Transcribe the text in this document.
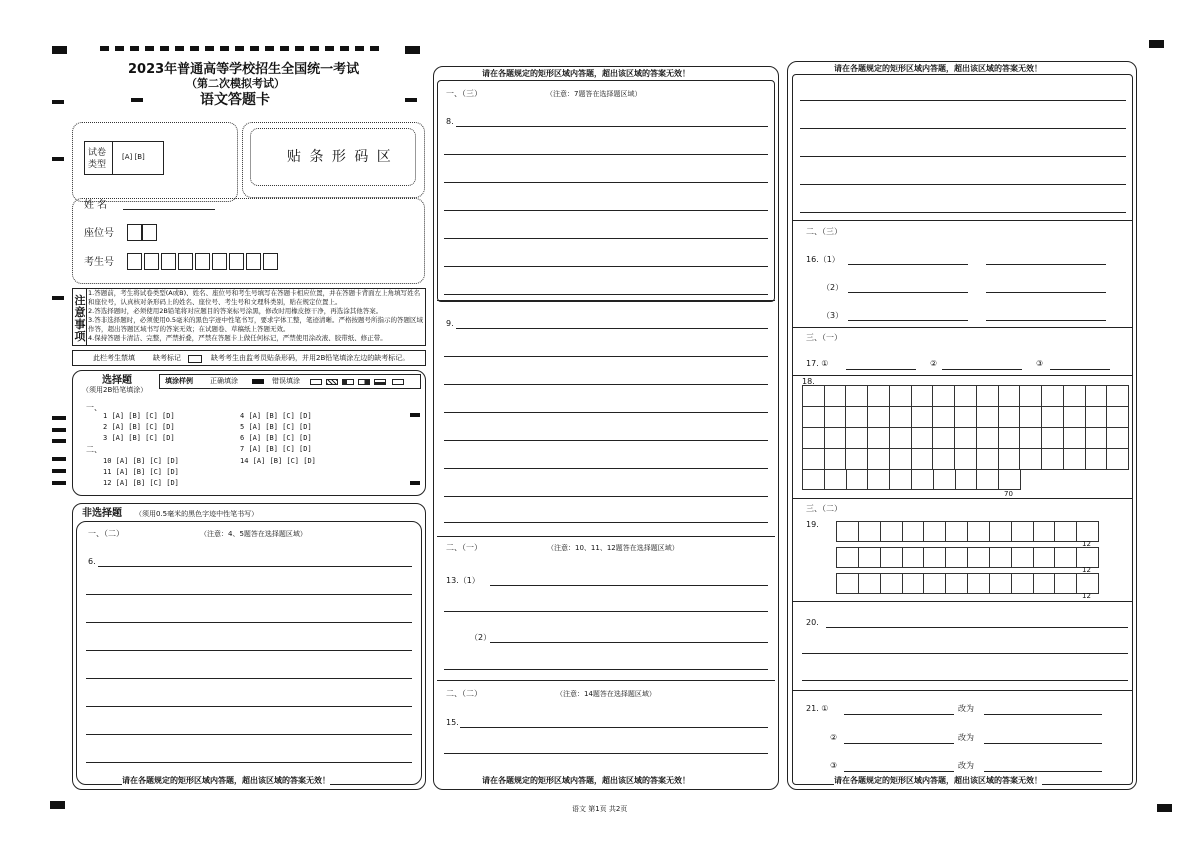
2023年普通高等学校招生全国统一考试
（第二次模拟考试）
语文答题卡
贴 条 形 码 区
试卷类型
[A] [B]
姓 名
座位号
考生号
注意事项
1.答题前，考生将试卷类型(A或B)、姓名、座位号和考生号填写在答题卡相应位置，并在答题卡背面左上角填写姓名和座位号，认真核对条形码上的姓名、座位号、考生号和文理科类别，贴在规定位置上。
2.答选择题时，必须使用2B铅笔将对应题目的答案标号涂黑，修改时用橡皮擦干净，再选涂其他答案。
3.答非选择题时，必须使用0.5毫米的黑色字迹中性笔书写，要求字体工整，笔迹清晰。严格按题号所指示的答题区域作答，超出答题区域书写的答案无效；在试题卷、草稿纸上答题无效。
4.保持答题卡清洁、完整，严禁折叠，严禁在答题卡上做任何标记，严禁使用涂改液、胶带纸、修正带。
此栏考生禁填	缺考标记	缺考考生由监考员贴条形码，并用2B铅笔填涂左边的缺考标记。
选择题
（须用2B铅笔填涂）
填涂样例 正确填涂	错误填涂
一、
二、
1 [A] [B] [C] [D]
2 [A] [B] [C] [D]
3 [A] [B] [C] [D]
4 [A] [B] [C] [D]
5 [A] [B] [C] [D]
6 [A] [B] [C] [D]
7 [A] [B] [C] [D]
10 [A] [B] [C] [D]
11 [A] [B] [C] [D]
12 [A] [B] [C] [D]
14 [A] [B] [C] [D]
非选择题 （须用0.5毫米的黑色字迹中性笔书写）
一、（二）	（注意：4、5题答在选择题区域）
6.
请在各题规定的矩形区域内答题，超出该区域的答案无效！
请在各题规定的矩形区域内答题，超出该区域的答案无效！
一、（三）	（注意：7题答在选择题区域）
8.
9.
二、（一）	（注意：10、11、12题答在选择题区域）
13.（1）
（2）
二、（二）	（注意：14题答在选择题区域）
15.
请在各题规定的矩形区域内答题，超出该区域的答案无效！
请在各题规定的矩形区域内答题，超出该区域的答案无效！
二、（三）
16.（1）
（2）
（3）
三、（一）
17. ①	②	③
18.
70
三、（二）
19.
12
12
12
20.
21. ①	改为
②	改为
③	改为
请在各题规定的矩形区域内答题，超出该区域的答案无效！
语文 第1页 共2页
